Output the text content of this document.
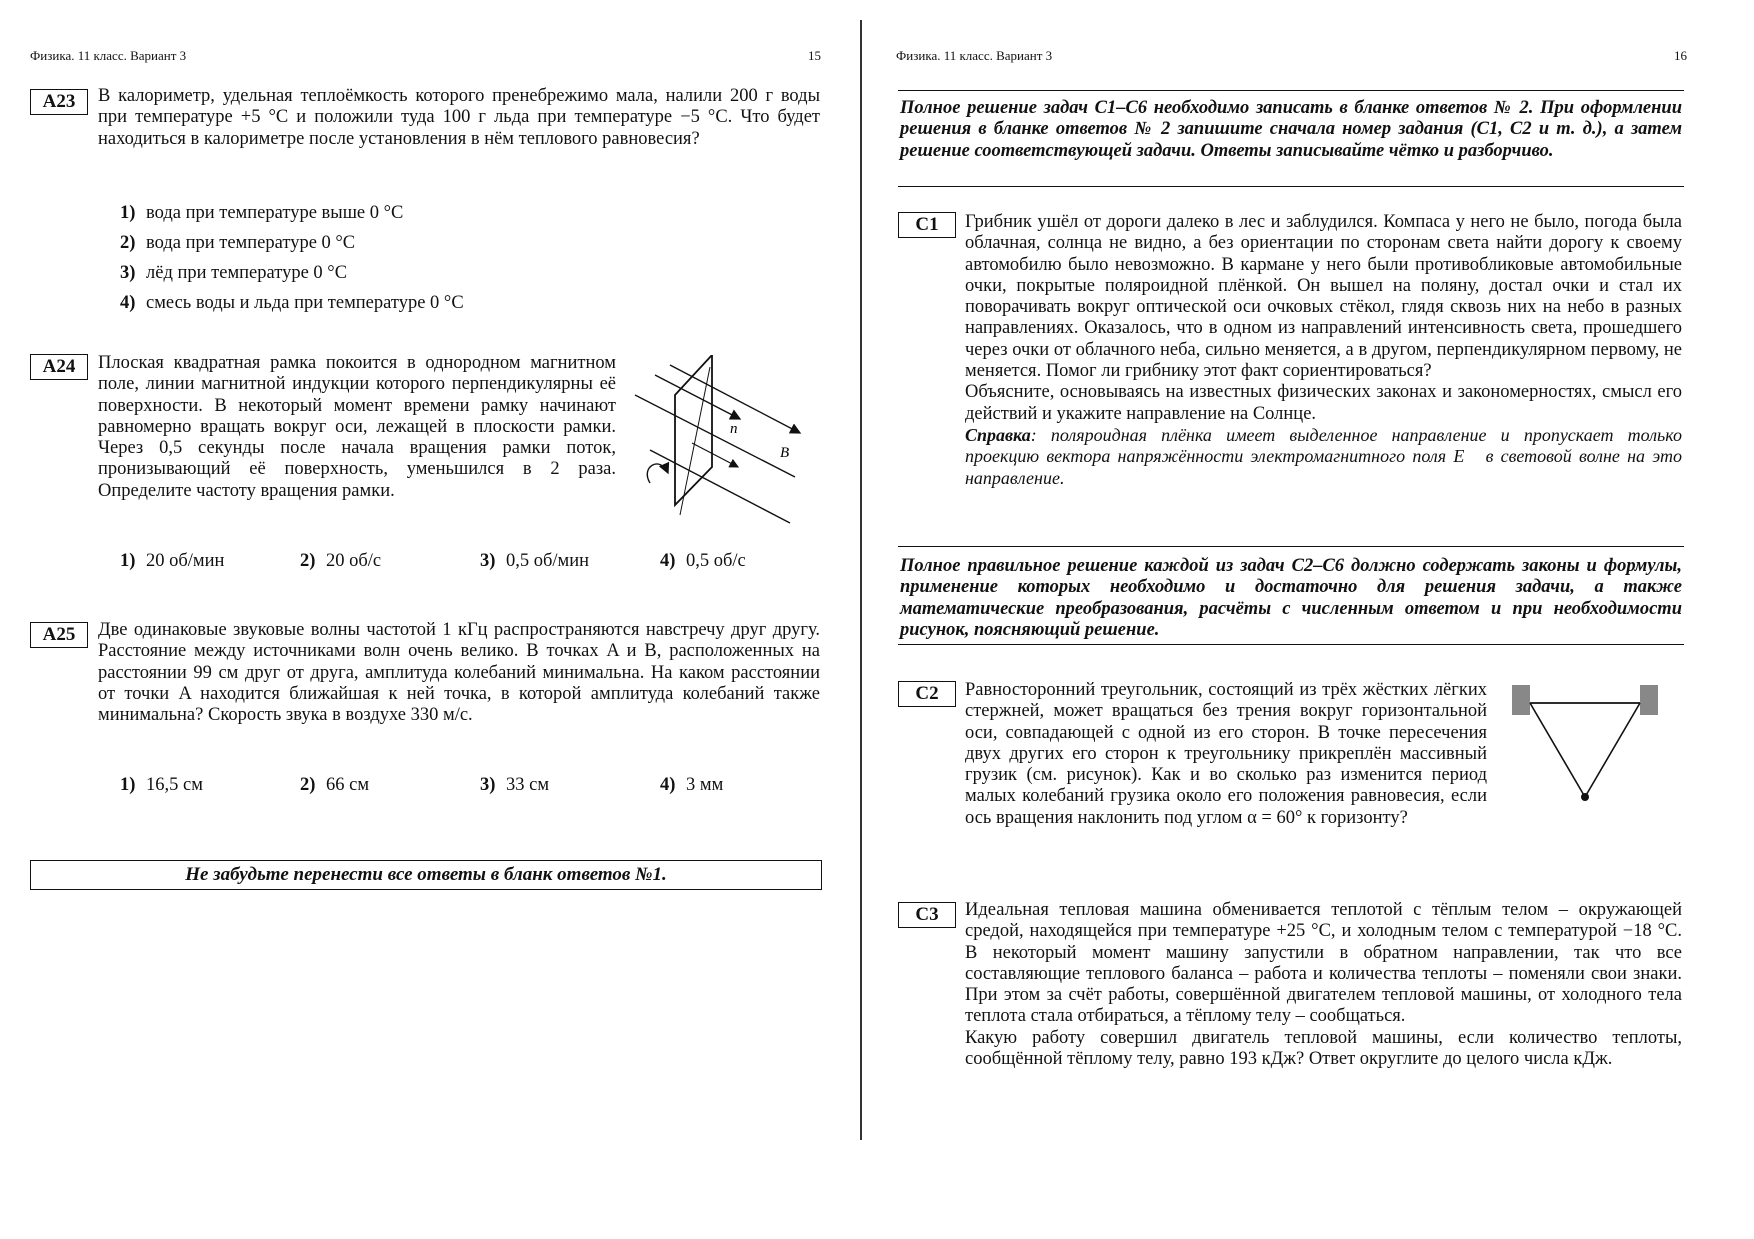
Физика. 11 класс. Вариант 3	15
A23	В калориметр, удельная теплоёмкость которого пренебрежимо мала, налили 200 г воды при температуре +5 °С и положили туда 100 г льда при температуре −5 °С. Что будет находиться в калориметре после установления в нём теплового равновесия?
1) вода при температуре выше 0 °С
2) вода при температуре 0 °С
3) лёд при температуре 0 °С
4) смесь воды и льда при температуре 0 °С
A24	Плоская квадратная рамка покоится в однородном магнитном поле, линии магнитной индукции которого перпендикулярны её поверхности. В некоторый момент времени рамку начинают равномерно вращать вокруг оси, лежащей в плоскости рамки. Через 0,5 секунды после начала вращения рамки поток, пронизывающий её поверхность, уменьшился в 2 раза. Определите частоту вращения рамки.
n⃗
B⃗
1) 20 об/мин	2) 20 об/с	3) 0,5 об/мин	4) 0,5 об/с
A25	Две одинаковые звуковые волны частотой 1 кГц распространяются навстречу друг другу. Расстояние между источниками волн очень велико. В точках A и B, расположенных на расстоянии 99 см друг от друга, амплитуда колебаний минимальна. На каком расстоянии от точки A находится ближайшая к ней точка, в которой амплитуда колебаний также минимальна? Скорость звука в воздухе 330 м/с.
1) 16,5 см	2) 66 см	3) 33 см	4) 3 мм
Не забудьте перенести все ответы в бланк ответов №1.
Физика. 11 класс. Вариант 3	16
Полное решение задач С1–С6 необходимо записать в бланке ответов № 2. При оформлении решения в бланке ответов № 2 запишите сначала номер задания (С1, С2 и т. д.), а затем решение соответствующей задачи. Ответы записывайте чётко и разборчиво.
C1	Грибник ушёл от дороги далеко в лес и заблудился. Компаса у него не было, погода была облачная, солнца не видно, а без ориентации по сторонам света найти дорогу к своему автомобилю было невозможно. В кармане у него были противобликовые автомобильные очки, покрытые поляроидной плёнкой. Он вышел на поляну, достал очки и стал их поворачивать вокруг оптической оси очковых стёкол, глядя сквозь них на небо в разных направлениях. Оказалось, что в одном из направлений интенсивность света, прошедшего через очки от облачного неба, сильно меняется, а в другом, перпендикулярном первому, не меняется. Помог ли грибнику этот факт сориентироваться?

Объясните, основываясь на известных физических законах и закономерностях, смысл его действий и укажите направление на Солнце.

Справка: поляроидная плёнка имеет выделенное направление и пропускает только проекцию вектора напряжённости электромагнитного поля E⃗ в световой волне на это направление.

Полное правильное решение каждой из задач С2–С6 должно содержать законы и формулы, применение которых необходимо и достаточно для решения задачи, а также математические преобразования, расчёты с численным ответом и при необходимости рисунок, поясняющий решение.
C2	Равносторонний треугольник, состоящий из трёх жёстких лёгких стержней, может вращаться без трения вокруг горизонтальной оси, совпадающей с одной из его сторон. В точке пересечения двух других его сторон к треугольнику прикреплён массивный грузик (см. рисунок). Как и во сколько раз изменится период малых колебаний грузика около его положения равновесия, если ось вращения наклонить под углом α = 60° к горизонту?
C3	Идеальная тепловая машина обменивается теплотой с тёплым телом – окружающей средой, находящейся при температуре +25 °С, и холодным телом с температурой −18 °С. В некоторый момент машину запустили в обратном направлении, так что все составляющие теплового баланса – работа и количества теплоты – поменяли свои знаки. При этом за счёт работы, совершённой двигателем тепловой машины, от холодного тела теплота стала отбираться, а тёплому телу – сообщаться.

Какую работу совершил двигатель тепловой машины, если количество теплоты, сообщённой тёплому телу, равно 193 кДж? Ответ округлите до целого числа кДж.
